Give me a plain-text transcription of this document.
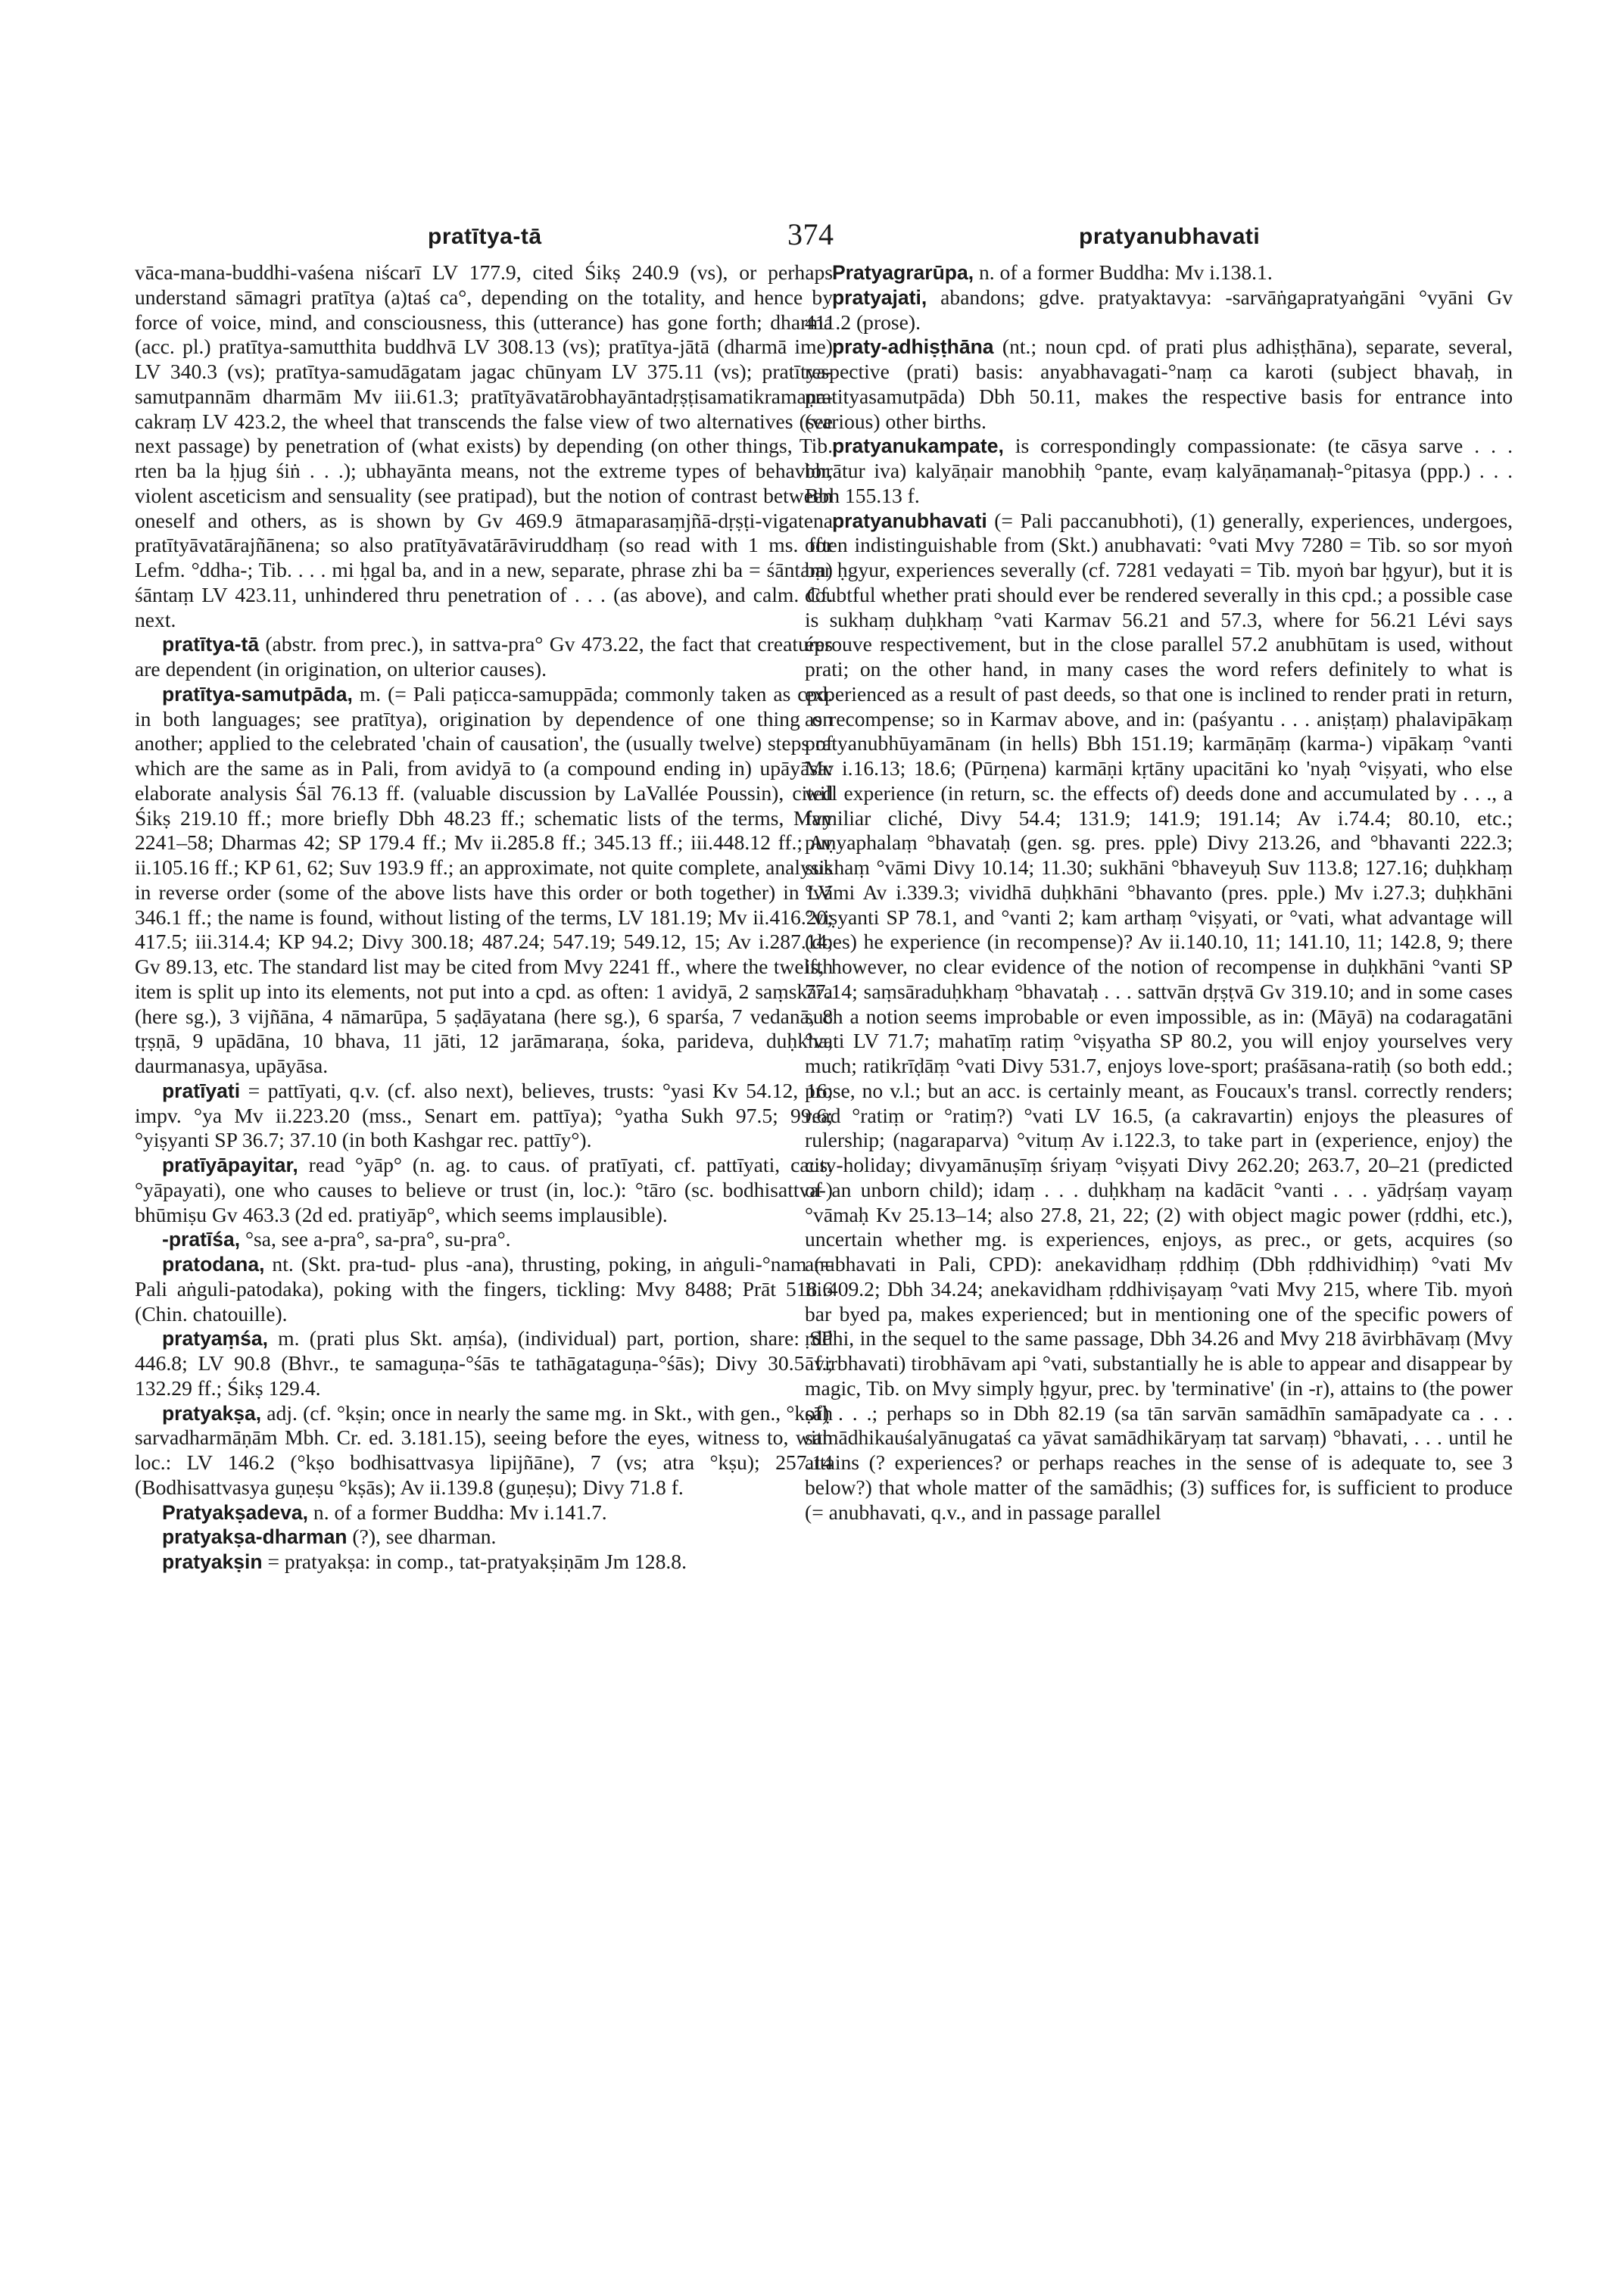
pratītya-tā	374	pratyanubhavati

vāca-mana-buddhi-vaśena niścarī LV 177.9, cited Śikṣ 240.9 (vs), or perhaps understand sāmagri pratītya (a)taś ca°, depending on the totality, and hence by force of voice, mind, and consciousness, this (utterance) has gone forth; dharma (acc. pl.) pratītya-samutthita buddhvā LV 308.13 (vs); pratītya-jātā (dharmā ime) LV 340.3 (vs); pratītya-samudāgatam jagac chūnyam LV 375.11 (vs); pratītya-samutpannām dharmām Mv iii.61.3; pratītyāvatārobhayāntadṛṣṭisamatikramaṇa-cakraṃ LV 423.2, the wheel that transcends the false view of two alternatives (see next passage) by penetration of (what exists) by depending (on other things, Tib. rten ba la ḥjug śiṅ . . .); ubhayānta means, not the extreme types of behavior, violent asceticism and sensuality (see pratipad), but the notion of contrast between oneself and others, as is shown by Gv 469.9 ātmaparasaṃjñā-dṛṣṭi-vigatena pratītyāvatārajñānena; so also pratītyāvatārāviruddhaṃ (so read with 1 ms. for Lefm. °ddha-; Tib. . . . mi ḥgal ba, and in a new, separate, phrase zhi ba = śāntaṃ) śāntaṃ LV 423.11, unhindered thru penetration of . . . (as above), and calm. Cf. next.

pratītya-tā (abstr. from prec.), in sattva-pra° Gv 473.22, the fact that creatures are dependent (in origination, on ulterior causes).

pratītya-samutpāda, m. (= Pali paṭicca-samuppāda; commonly taken as cpd. in both languages; see pratītya), origination by dependence of one thing on another; applied to the celebrated 'chain of causation', the (usually twelve) steps of which are the same as in Pali, from avidyā to (a compound ending in) upāyāsa: elaborate analysis Śāl 76.13 ff. (valuable discussion by LaVallée Poussin), cited Śikṣ 219.10 ff.; more briefly Dbh 48.23 ff.; schematic lists of the terms, Mvy 2241–58; Dharmas 42; SP 179.4 ff.; Mv ii.285.8 ff.; 345.13 ff.; iii.448.12 ff.; Av ii.105.16 ff.; KP 61, 62; Suv 193.9 ff.; an approximate, not quite complete, analysis in reverse order (some of the above lists have this order or both together) in LV 346.1 ff.; the name is found, without listing of the terms, LV 181.19; Mv ii.416.20; 417.5; iii.314.4; KP 94.2; Divy 300.18; 487.24; 547.19; 549.12, 15; Av i.287.14; Gv 89.13, etc. The standard list may be cited from Mvy 2241 ff., where the twelfth item is split up into its elements, not put into a cpd. as often: 1 avidyā, 2 saṃskāra (here sg.), 3 vijñāna, 4 nāmarūpa, 5 ṣaḍāyatana (here sg.), 6 sparśa, 7 vedanā, 8 tṛṣṇā, 9 upādāna, 10 bhava, 11 jāti, 12 jarāmaraṇa, śoka, parideva, duḥkha, daurmanasya, upāyāsa.

pratīyati = pattīyati, q.v. (cf. also next), believes, trusts: °yasi Kv 54.12, 16; impv. °ya Mv ii.223.20 (mss., Senart em. pattīya); °yatha Sukh 97.5; 99.6; °yiṣyanti SP 36.7; 37.10 (in both Kashgar rec. pattīy°).

pratīyāpayitar, read °yāp° (n. ag. to caus. of pratīyati, cf. pattīyati, caus. °yāpayati), one who causes to believe or trust (in, loc.): °tāro (sc. bodhisattva-) bhūmiṣu Gv 463.3 (2d ed. pratiyāp°, which seems implausible).

-pratīśa, °sa, see a-pra°, sa-pra°, su-pra°.

pratodana, nt. (Skt. pra-tud- plus -ana), thrusting, poking, in aṅguli-°nam (= Pali aṅguli-patodaka), poking with the fingers, tickling: Mvy 8488; Prāt 518.6 (Chin. chatouille).

pratyaṃśa, m. (prati plus Skt. aṃśa), (individual) part, portion, share: SP 446.8; LV 90.8 (Bhvr., te samaguṇa-°śās te tathāgataguṇa-°śās); Divy 30.5 f.; 132.29 ff.; Śikṣ 129.4.

pratyakṣa, adj. (cf. °kṣin; once in nearly the same mg. in Skt., with gen., °kṣāḥ sarvadharmāṇām Mbh. Cr. ed. 3.181.15), seeing before the eyes, witness to, with loc.: LV 146.2 (°kṣo bodhisattvasya lipijñāne), 7 (vs; atra °kṣu); 257.14 (Bodhisattvasya guṇeṣu °kṣās); Av ii.139.8 (guṇeṣu); Divy 71.8 f.

Pratyakṣadeva, n. of a former Buddha: Mv i.141.7.

pratyakṣa-dharman (?), see dharman.

pratyakṣin = pratyakṣa: in comp., tat-pratyakṣiṇām Jm 128.8.

Pratyagrarūpa, n. of a former Buddha: Mv i.138.1.

pratyajati, abandons; gdve. pratyaktavya: -sarvāṅgapratyaṅgāni °vyāni Gv 411.2 (prose).

praty-adhiṣṭhāna (nt.; noun cpd. of prati plus adhiṣṭhāna), separate, several, respective (prati) basis: anyabhavagati-°naṃ ca karoti (subject bhavaḥ, in pratityasamutpāda) Dbh 50.11, makes the respective basis for entrance into (various) other births.

pratyanukampate, is correspondingly compassionate: (te cāsya sarve . . . bhrātur iva) kalyāṇair manobhiḥ °pante, evaṃ kalyāṇamanaḥ-°pitasya (ppp.) . . . Bbh 155.13 f.

pratyanubhavati (= Pali paccanubhoti), (1) generally, experiences, undergoes, often indistinguishable from (Skt.) anubhavati: °vati Mvy 7280 = Tib. so sor myoṅ bar ḥgyur, experiences severally (cf. 7281 vedayati = Tib. myoṅ bar ḥgyur), but it is doubtful whether prati should ever be rendered severally in this cpd.; a possible case is sukhaṃ duḥkhaṃ °vati Karmav 56.21 and 57.3, where for 56.21 Lévi says éprouve respectivement, but in the close parallel 57.2 anubhūtam is used, without prati; on the other hand, in many cases the word refers definitely to what is experienced as a result of past deeds, so that one is inclined to render prati in return, as recompense; so in Karmav above, and in: (paśyantu . . . aniṣṭaṃ) phalavipākaṃ pratyanubhūyamānam (in hells) Bbh 151.19; karmāṇāṃ (karma-) vipākaṃ °vanti Mv i.16.13; 18.6; (Pūrṇena) karmāṇi kṛtāny upacitāni ko 'nyaḥ °viṣyati, who else will experience (in return, sc. the effects of) deeds done and accumulated by . . ., a familiar cliché, Divy 54.4; 131.9; 141.9; 191.14; Av i.74.4; 80.10, etc.; puṇyaphalaṃ °bhavataḥ (gen. sg. pres. pple) Divy 213.26, and °bhavanti 222.3; sukhaṃ °vāmi Divy 10.14; 11.30; sukhāni °bhaveyuḥ Suv 113.8; 127.16; duḥkhaṃ °vāmi Av i.339.3; vividhā duḥkhāni °bhavanto (pres. pple.) Mv i.27.3; duḥkhāni °viṣyanti SP 78.1, and °vanti 2; kam arthaṃ °viṣyati, or °vati, what advantage will (does) he experience (in recompense)? Av ii.140.10, 11; 141.10, 11; 142.8, 9; there is, however, no clear evidence of the notion of recompense in duḥkhāni °vanti SP 77.14; saṃsāraduḥkhaṃ °bhavataḥ . . . sattvān dṛṣṭvā Gv 319.10; and in some cases such a notion seems improbable or even impossible, as in: (Māyā) na codaragatāni °vati LV 71.7; mahatīṃ ratiṃ °viṣyatha SP 80.2, you will enjoy yourselves very much; ratikrīḍāṃ °vati Divy 531.7, enjoys love-sport; praśāsana-ratiḥ (so both edd.; prose, no v.l.; but an acc. is certainly meant, as Foucaux's transl. correctly renders; read °ratiṃ or °ratiṃ?) °vati LV 16.5, (a cakravartin) enjoys the pleasures of rulership; (nagaraparva) °vituṃ Av i.122.3, to take part in (experience, enjoy) the city-holiday; divyamānuṣīṃ śriyaṃ °viṣyati Divy 262.20; 263.7, 20–21 (predicted of an unborn child); idaṃ . . . duḥkhaṃ na kadācit °vanti . . . yādṛśaṃ vayaṃ °vāmaḥ Kv 25.13–14; also 27.8, 21, 22; (2) with object magic power (ṛddhi, etc.), uncertain whether mg. is experiences, enjoys, as prec., or gets, acquires (so anubhavati in Pali, CPD): anekavidhaṃ ṛddhiṃ (Dbh ṛddhividhiṃ) °vati Mv iii.409.2; Dbh 34.24; anekavidham ṛddhiviṣayaṃ °vati Mvy 215, where Tib. myoṅ bar byed pa, makes experienced; but in mentioning one of the specific powers of ṛddhi, in the sequel to the same passage, Dbh 34.26 and Mvy 218 āvirbhāvaṃ (Mvy āvirbhavati) tirobhāvam api °vati, substantially he is able to appear and disappear by magic, Tib. on Mvy simply ḥgyur, prec. by 'terminative' (in -r), attains to (the power of) . . .; perhaps so in Dbh 82.19 (sa tān sarvān samādhīn samāpadyate ca . . . samādhikauśalyānugataś ca yāvat samādhikāryaṃ tat sarvaṃ) °bhavati, . . . until he attains (? experiences? or perhaps reaches in the sense of is adequate to, see 3 below?) that whole matter of the samādhis; (3) suffices for, is sufficient to produce (= anubhavati, q.v., and in passage parallel
